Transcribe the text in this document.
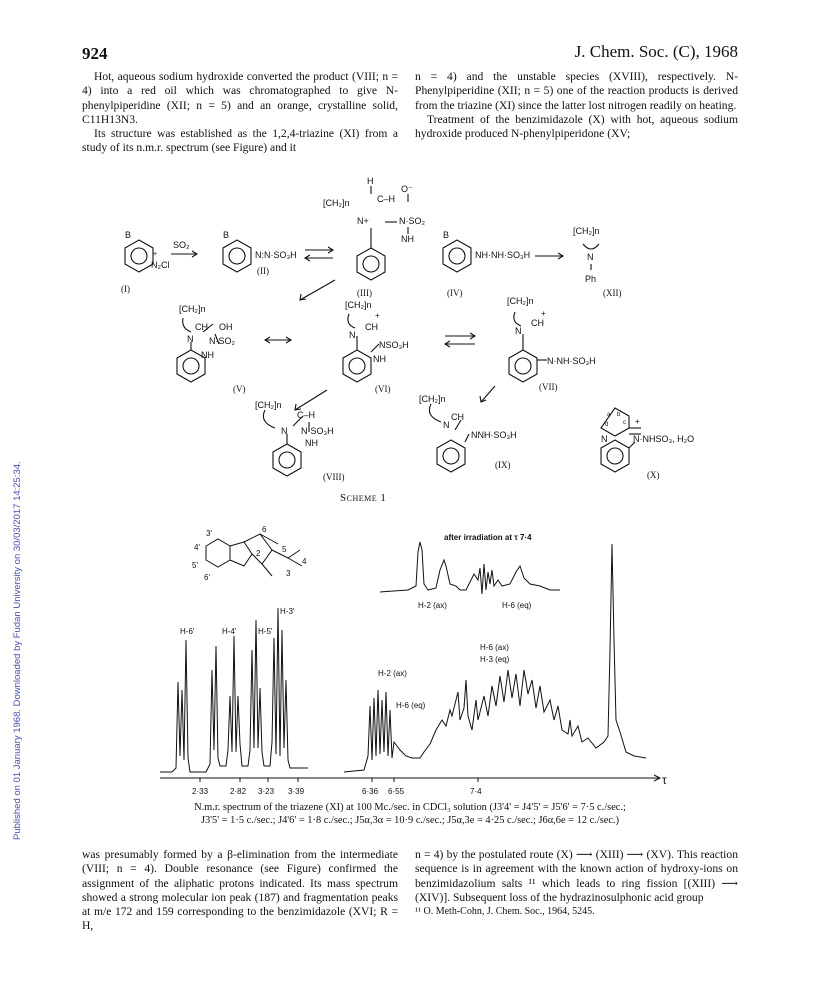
Published on 01 January 1968. Downloaded by Fudan University on 30/03/2017 14:25:34.
924	J. Chem. Soc. (C), 1968

Hot, aqueous sodium hydroxide converted the product (VIII; n = 4) into a red oil which was chromatographed to give N-phenylpiperidine (XII; n = 5) and an orange, crystalline solid, C11H13N3.

Its structure was established as the 1,2,4-triazine (XI) from a study of its n.m.r. spectrum (see Figure) and it

n = 4) and the unstable species (XVIII), respectively. N-Phenylpiperidine (XII; n = 5) one of the reaction products is derived from the triazine (XI) since the latter lost nitrogen readily on heating.

Treatment of the benzimidazole (X) with hot, aqueous sodium hydroxide produced N-phenylpiperidone (XV;

B
+
N₂Cl
SO₂
(I)
B
N:N·SO₃H
(II)
H
[CH₂]n	C–H
O⁻
N+	N·SO₂
NH
(III)
B
NH·NH·SO₃H
(IV)
[CH₂]n
N
Ph
(XII)
[CH₂]n
CH OH
N N·SO₂
NH
(V)
[CH₂]n
+
CH
N
NSO₃H
NH
(VI)
[CH₂]n
+
CH
N
N·NH·SO₃H
(VII)
[CH₂]n
C–H
N N·SO₃H
NH
(VIII)
[CH₂]n
CH
N
NNH·SO₃H
(IX)
a b
c
d
N
+
N·NHSO₃, H₂O
(X)
Scheme 1
3'
4'
5'
6'
2
3
4
5
6
H-6'	H-4'	H-5'
H-3'
H-2 (ax)
H-6 (eq)
H-6 (ax)
H-3 (eq)
after irradiation at τ 7·4
H-2 (ax)	H-6 (eq)
2·33	2·82 3·23 3·39	6·36 6·55	7·4
τ
N.m.r. spectrum of the triazene (XI) at 100 Mc./sec. in CDCl₃ solution (J3'4' = J4'5' = J5'6' = 7·5 c./sec.;
J3'5' = 1·5 c./sec.; J4'6' = 1·8 c./sec.; J5α,3α = 10·9 c./sec.; J5α,3e = 4·25 c./sec.; J6α,6e = 12 c./sec.)

was presumably formed by a β-elimination from the intermediate (VIII; n = 4). Double resonance (see Figure) confirmed the assignment of the aliphatic protons indicated. Its mass spectrum showed a strong molecular ion peak (187) and fragmentation peaks at m/e 172 and 159 corresponding to the benzimidazole (XVI; R = H,

n = 4) by the postulated route (X) ⟶ (XIII) ⟶ (XV). This reaction sequence is in agreement with the known action of hydroxy-ions on benzimidazolium salts ¹¹ which leads to ring fission [(XIII) ⟶ (XIV)]. Subsequent loss of the hydrazinosulphonic acid group

¹¹ O. Meth-Cohn, J. Chem. Soc., 1964, 5245.
